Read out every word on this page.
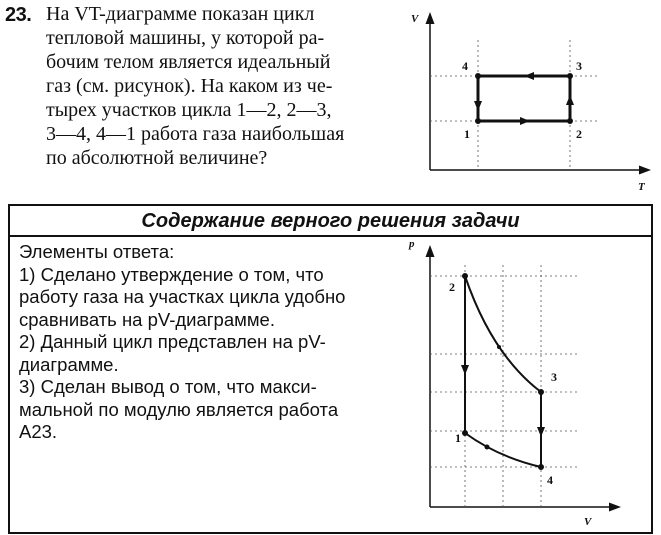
23. На VT-диаграмме показан цикл
тепловой машины, у которой ра-
бочим телом является идеальный
газ (см. рисунок). На каком из че-
тырех участков цикла 1—2, 2—3,
3—4, 4—1 работа газа наибольшая
по абсолютной величине?
V
T
1	2
3
4
Содержание верного решения задачи
Элементы ответа:
1) Сделано утверждение о том, что
работу газа на участках цикла удобно
сравнивать на pV-диаграмме.
2) Данный цикл представлен на pV-
диаграмме.
3) Сделан вывод о том, что макси-
мальной по модулю является работа
A23.
p
V
1
2
3
4
